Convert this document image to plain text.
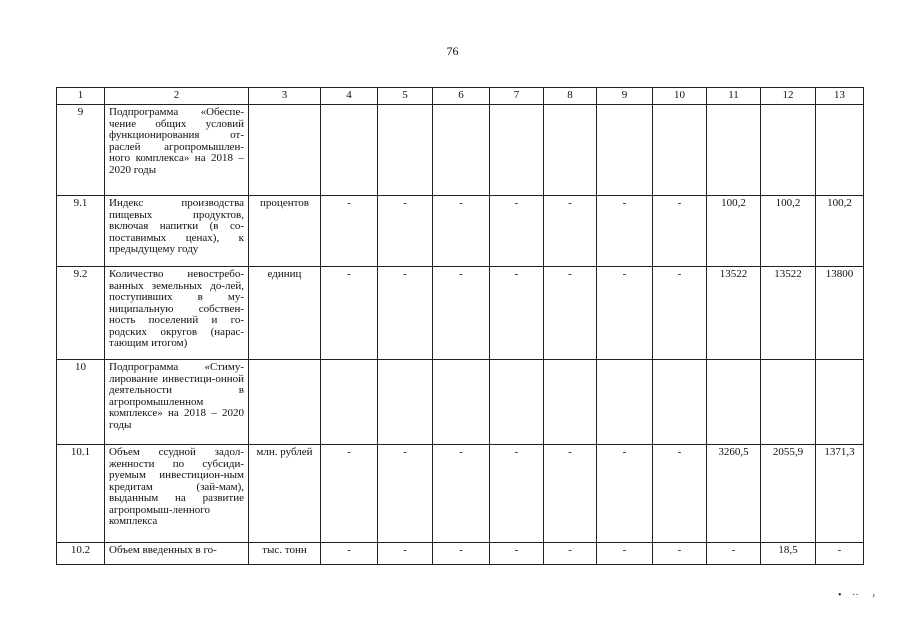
76
1	2	3	4	5	6	7	8	9	10	11	12	13
9	Подпрограмма «Обеспе-чение общих условий функционирования от-раслей агропромышлен-ного комплекса» на 2018 – 2020 годы											
9.1	Индекс производства пищевых продуктов, включая напитки (в со-поставимых ценах), к предыдущему году	процентов	-	-	-	-	-	-	-	100,2	100,2	100,2
9.2	Количество невостребо-ванных земельных до-лей, поступивших в му-ниципальную собствен-ность поселений и го-родских округов (нарас-тающим итогом)	единиц	-	-	-	-	-	-	-	13522	13522	13800
10	Подпрограмма «Стиму-лирование инвестици-онной деятельности в агропромышленном комплексе» на 2018 – 2020 годы											
10.1	Объем ссудной задол-женности по субсиди-руемым инвестицион-ным кредитам (зай-мам), выданным на развитие агропромыш-ленного комплекса	млн. рублей	-	-	-	-	-	-	-	3260,5	2055,9	1371,3
10.2	Объем введенных в го-	тыс. тонн	-	-	-	-	-	-	-	-	18,5	-
• ·· ›
